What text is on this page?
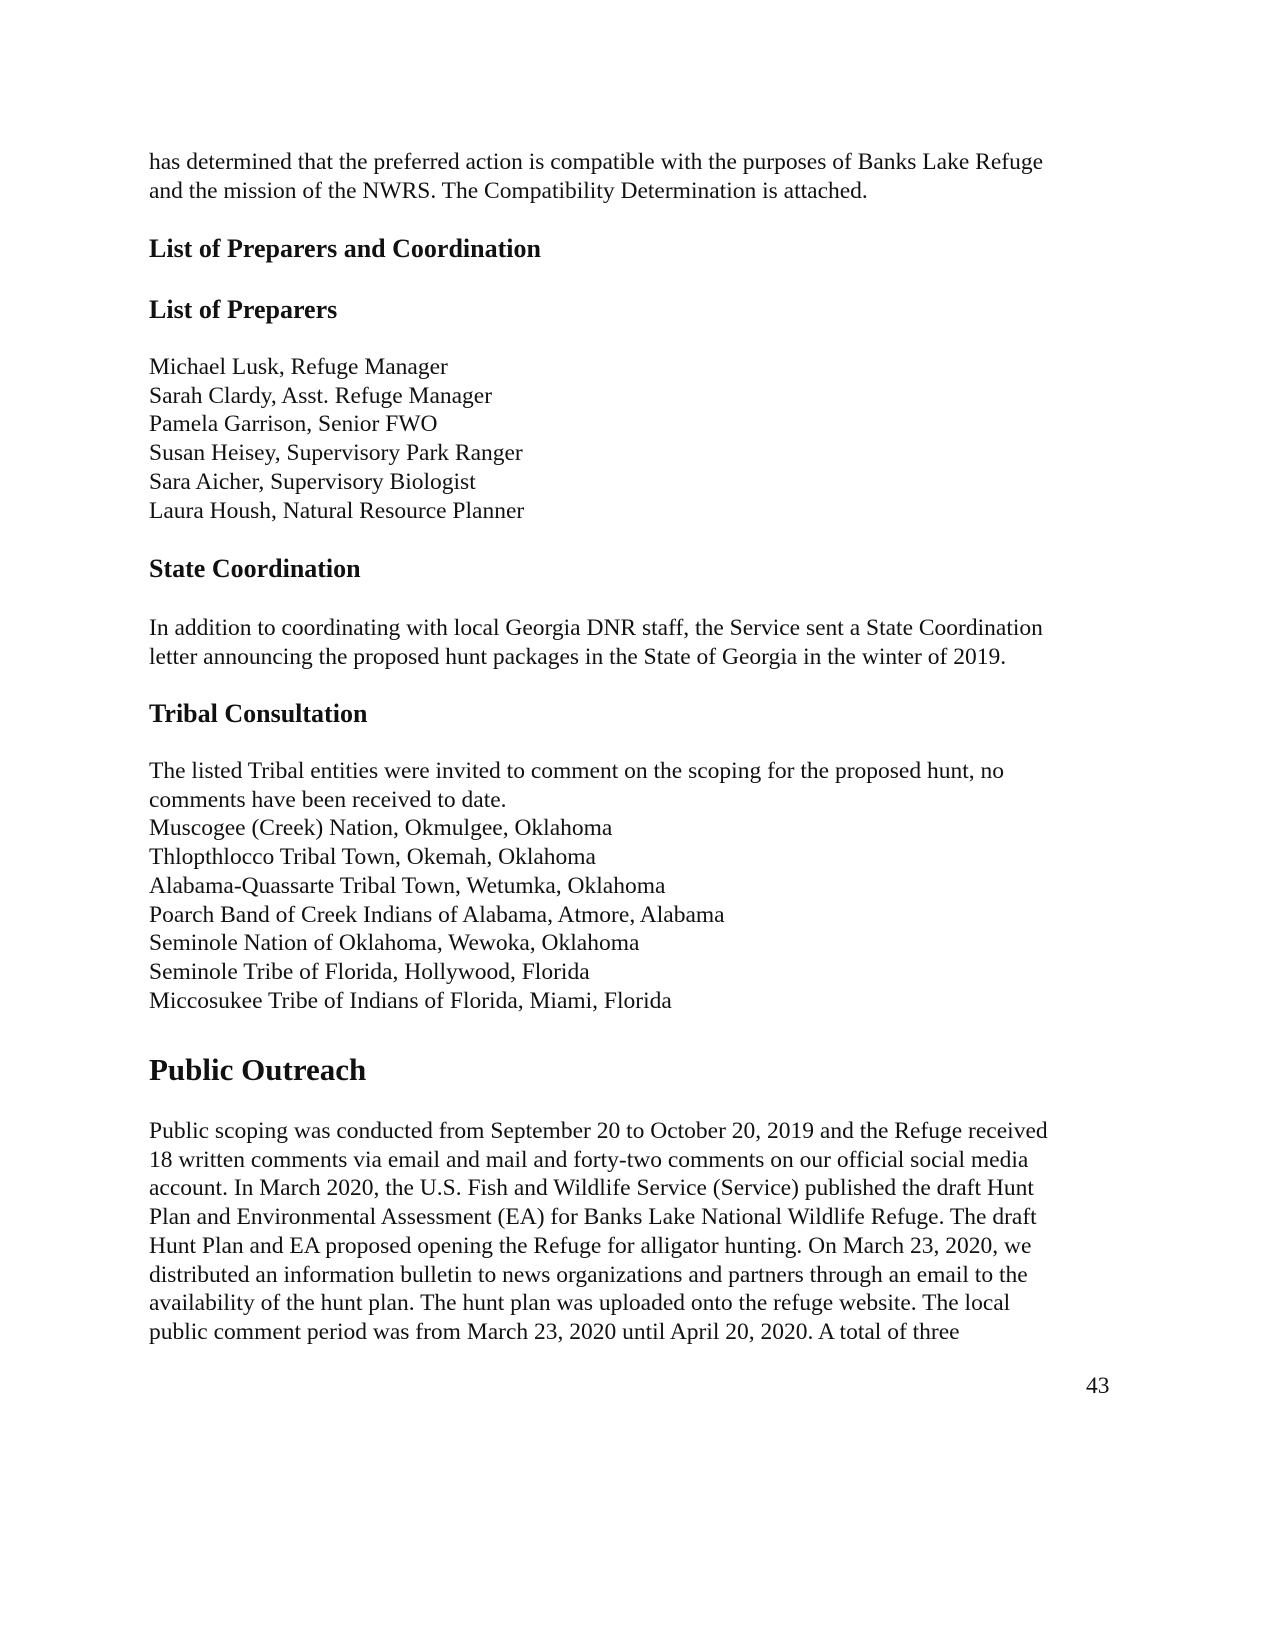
has determined that the preferred action is compatible with the purposes of Banks Lake Refuge
and the mission of the NWRS. The Compatibility Determination is attached.
List of Preparers and Coordination
List of Preparers
Michael Lusk, Refuge Manager
Sarah Clardy, Asst. Refuge Manager
Pamela Garrison, Senior FWO
Susan Heisey, Supervisory Park Ranger
Sara Aicher, Supervisory Biologist
Laura Housh, Natural Resource Planner
State Coordination
In addition to coordinating with local Georgia DNR staff, the Service sent a State Coordination
letter announcing the proposed hunt packages in the State of Georgia in the winter of 2019.
Tribal Consultation
The listed Tribal entities were invited to comment on the scoping for the proposed hunt, no
comments have been received to date.
Muscogee (Creek) Nation, Okmulgee, Oklahoma
Thlopthlocco Tribal Town, Okemah, Oklahoma
Alabama-Quassarte Tribal Town, Wetumka, Oklahoma
Poarch Band of Creek Indians of Alabama, Atmore, Alabama
Seminole Nation of Oklahoma, Wewoka, Oklahoma
Seminole Tribe of Florida, Hollywood, Florida
Miccosukee Tribe of Indians of Florida, Miami, Florida
Public Outreach
Public scoping was conducted from September 20 to October 20, 2019 and the Refuge received
18 written comments via email and mail and forty-two comments on our official social media
account. In March 2020, the U.S. Fish and Wildlife Service (Service) published the draft Hunt
Plan and Environmental Assessment (EA) for Banks Lake National Wildlife Refuge. The draft
Hunt Plan and EA proposed opening the Refuge for alligator hunting. On March 23, 2020, we
distributed an information bulletin to news organizations and partners through an email to the
availability of the hunt plan. The hunt plan was uploaded onto the refuge website. The local
public comment period was from March 23, 2020 until April 20, 2020. A total of three
43
